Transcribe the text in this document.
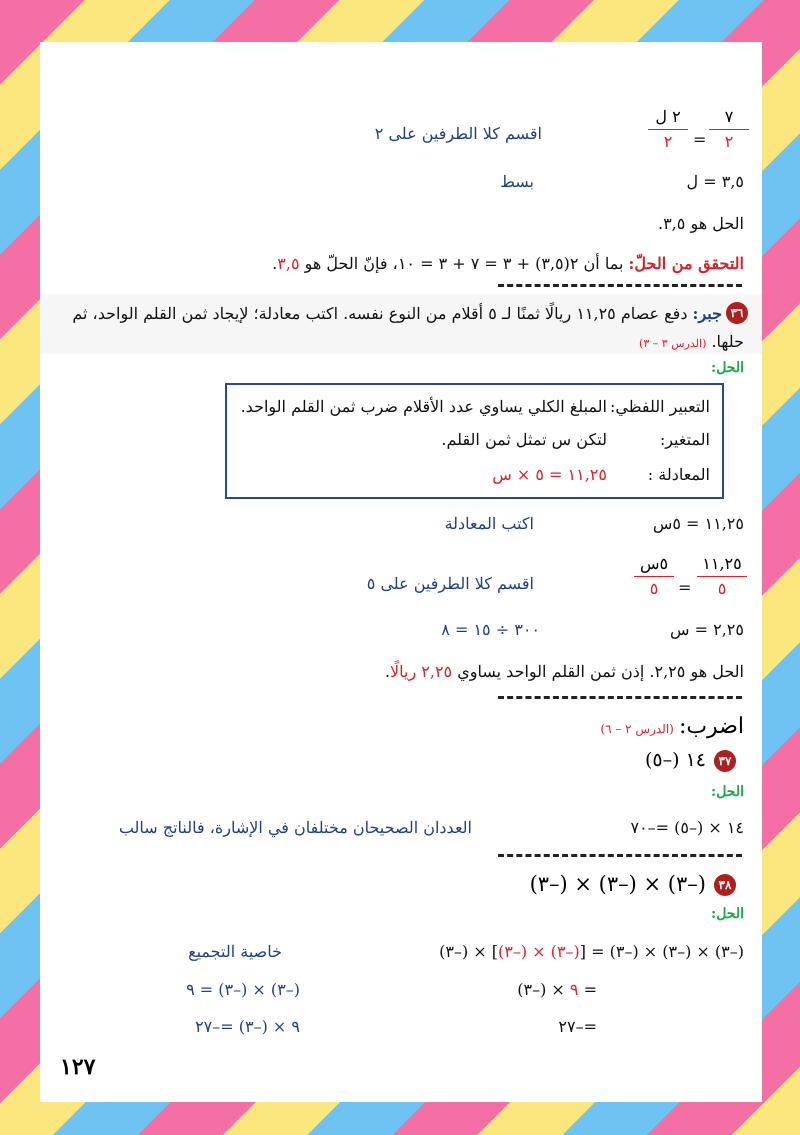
٧
٢
=
٢ ل
٢
اقسم كلا الطرفين على ٢
٣,٥ = ل
بسط
الحل هو ٣,٥.
التحقق من الحلّ: بما أن ٢(٣,٥) + ٣ = ٧ + ٣ = ١٠، فإنّ الحلّ هو ٣,٥.
٣٦
جبر: دفع عصام ١١,٢٥ ريالًا ثمنًا لـ ٥ أقلام من النوع نفسه. اكتب معادلة؛ لإيجاد ثمن القلم الواحد، ثم
حلها. (الدرس ٣ – ٣)
الحل:
التعبير اللفظي:
المبلغ الكلي يساوي عدد الأقلام ضرب ثمن القلم الواحد.
المتغير:
لتكن س تمثل ثمن القلم.
المعادلة :
١١,٢٥ = ٥ × س
١١,٢٥ = ٥س
اكتب المعادلة
١١,٢٥
٥
=
٥س
٥
اقسم كلا الطرفين على ٥
٢,٢٥ = س
٣٠٠ ÷ ١٥ = ٨
الحل هو ٢,٢٥. إذن ثمن القلم الواحد يساوي ٢,٢٥ ريالًا.
اضرب: (الدرس ٢ – ٦)
٣٧
١٤ (–٥)
الحل:
١٤ × (–٥) =–٧٠
العددان الصحيحان مختلفان في الإشارة، فالناتج سالب
٣٨
(–٣) × (–٣) × (–٣)
الحل:
(–٣) × (–٣) × (–٣) = [(–٣) × (–٣)] × (–٣)
خاصية التجميع
= ٩ × (–٣)
(–٣) × (–٣) = ٩
=–٢٧
٩ × (–٣) =–٢٧
١٢٧
